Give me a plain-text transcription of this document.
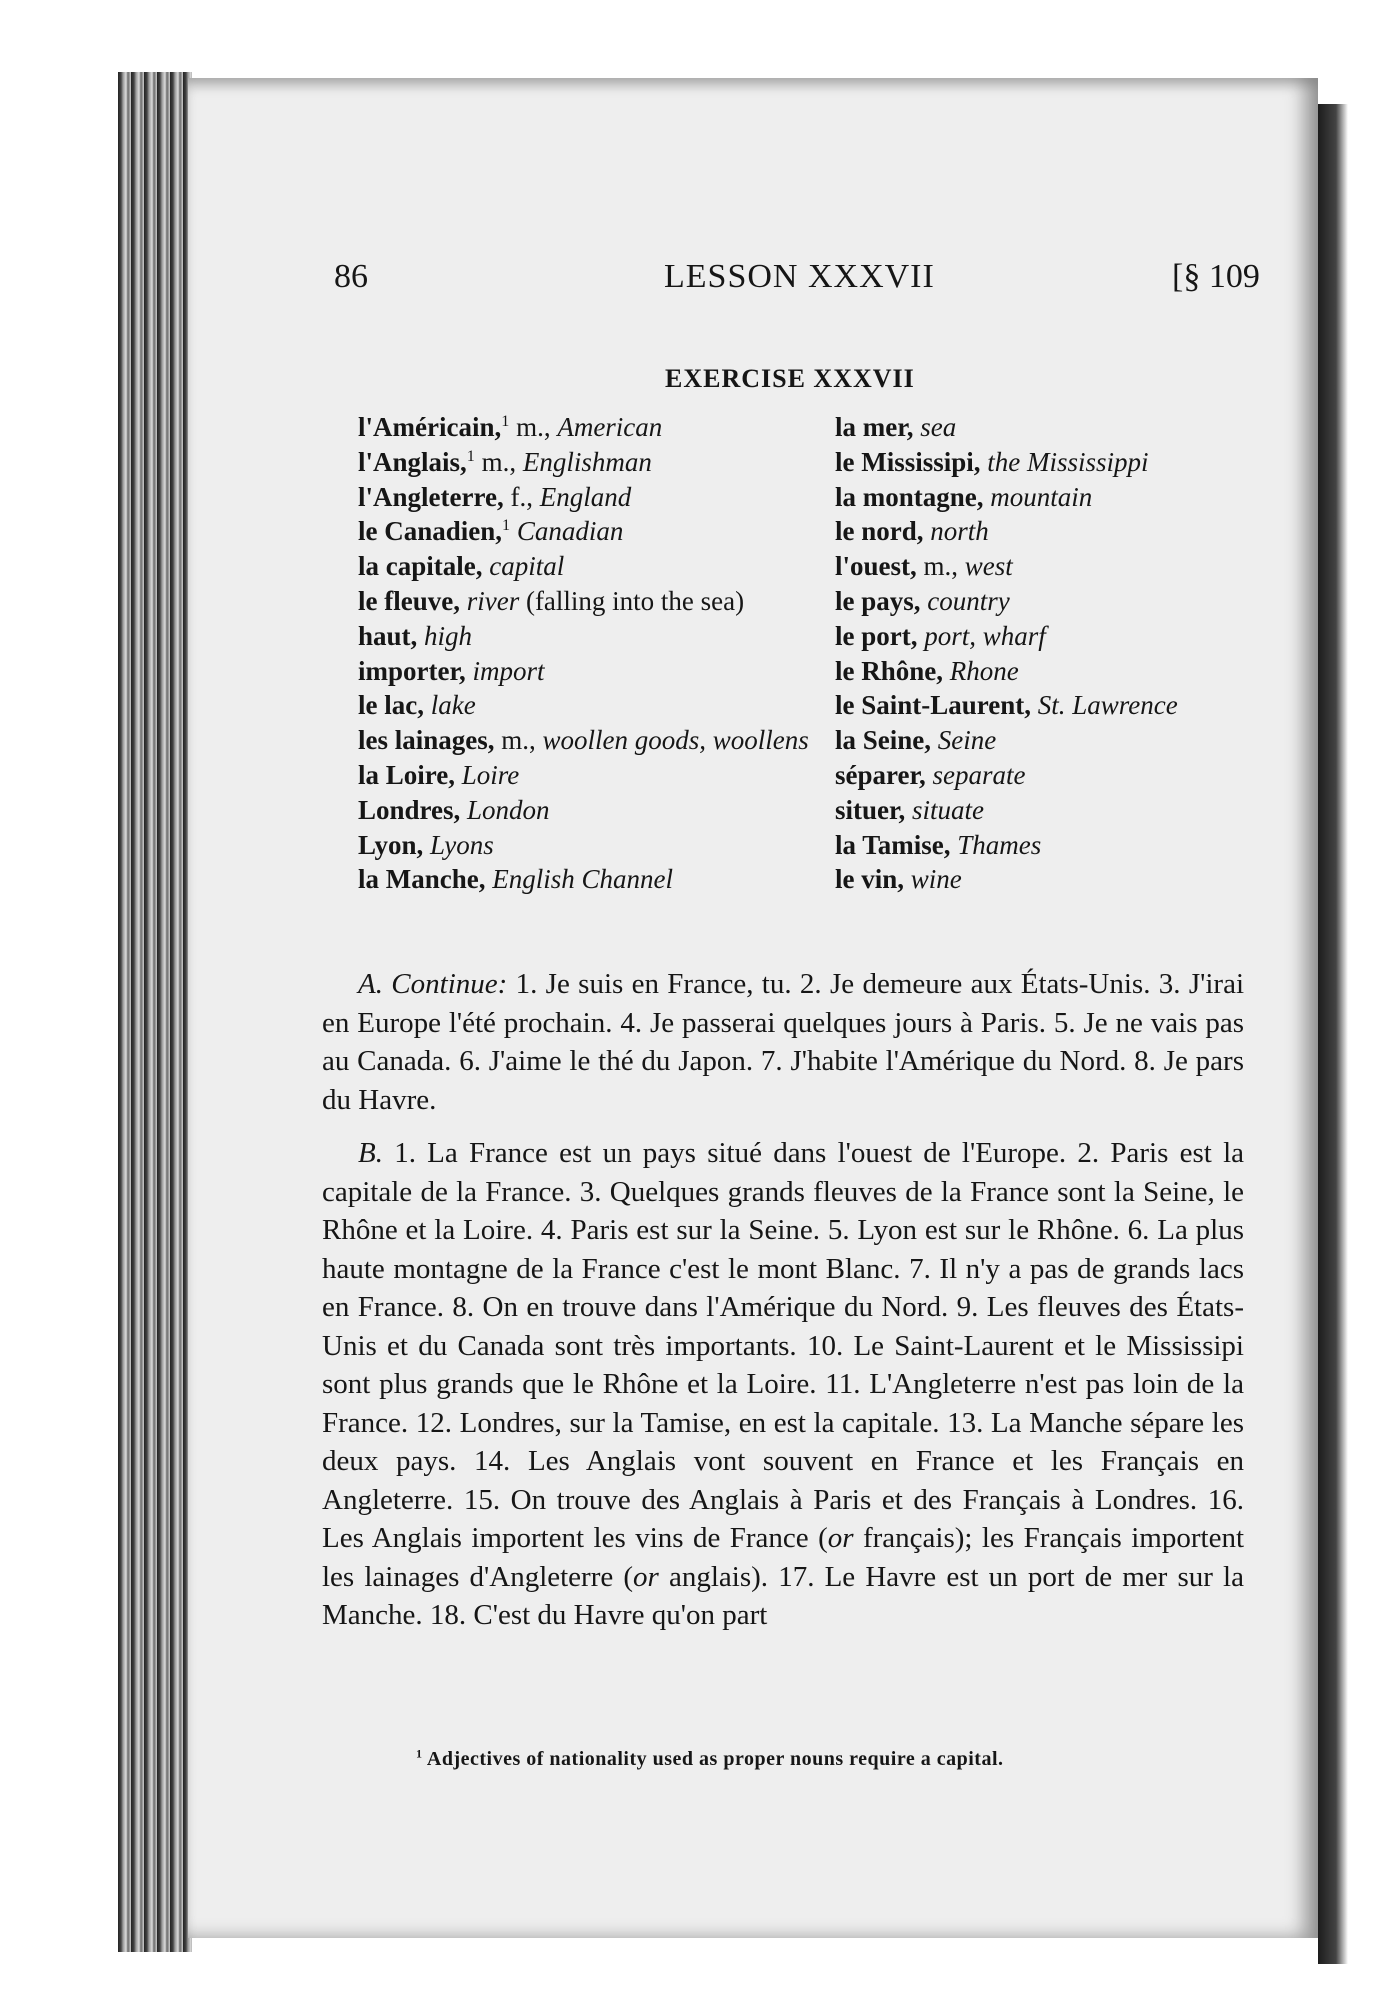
86	LESSON XXXVII	[§ 109
EXERCISE XXXVII
l'Américain,$^1$ m., American
l'Anglais,$^1$ m., Englishman
l'Angleterre, f., England
le Canadien,$^1$ Canadian
la capitale, capital
le fleuve, river (falling into the sea)
haut, high
importer, import
le lac, lake
les lainages, m., woollen goods, woollens
la Loire, Loire
Londres, London
Lyon, Lyons
la Manche, English Channel
la mer, sea
le Mississipi, the Mississippi
la montagne, mountain
le nord, north
l'ouest, m., west
le pays, country
le port, port, wharf
le Rhône, Rhone
le Saint-Laurent, St. Lawrence
la Seine, Seine
séparer, separate
situer, situate
la Tamise, Thames
le vin, wine

A. Continue: 1. Je suis en France, tu. 2. Je demeure aux États-Unis. 3. J'irai en Europe l'été prochain. 4. Je passerai quelques jours à Paris. 5. Je ne vais pas au Canada. 6. J'aime le thé du Japon. 7. J'habite l'Amérique du Nord. 8. Je pars du Havre.

B. 1. La France est un pays situé dans l'ouest de l'Europe. 2. Paris est la capitale de la France. 3. Quelques grands fleuves de la France sont la Seine, le Rhône et la Loire. 4. Paris est sur la Seine. 5. Lyon est sur le Rhône. 6. La plus haute montagne de la France c'est le mont Blanc. 7. Il n'y a pas de grands lacs en France. 8. On en trouve dans l'Amérique du Nord. 9. Les fleuves des États-Unis et du Canada sont très importants. 10. Le Saint-Laurent et le Mississipi sont plus grands que le Rhône et la Loire. 11. L'Angleterre n'est pas loin de la France. 12. Londres, sur la Tamise, en est la capitale. 13. La Manche sépare les deux pays. 14. Les Anglais vont souvent en France et les Français en Angleterre. 15. On trouve des Anglais à Paris et des Français à Londres. 16. Les Anglais importent les vins de France (or français); les Français importent les lainages d'Angleterre (or anglais). 17. Le Havre est un port de mer sur la Manche. 18. C'est du Havre qu'on part

$^1$ Adjectives of nationality used as proper nouns require a capital.
